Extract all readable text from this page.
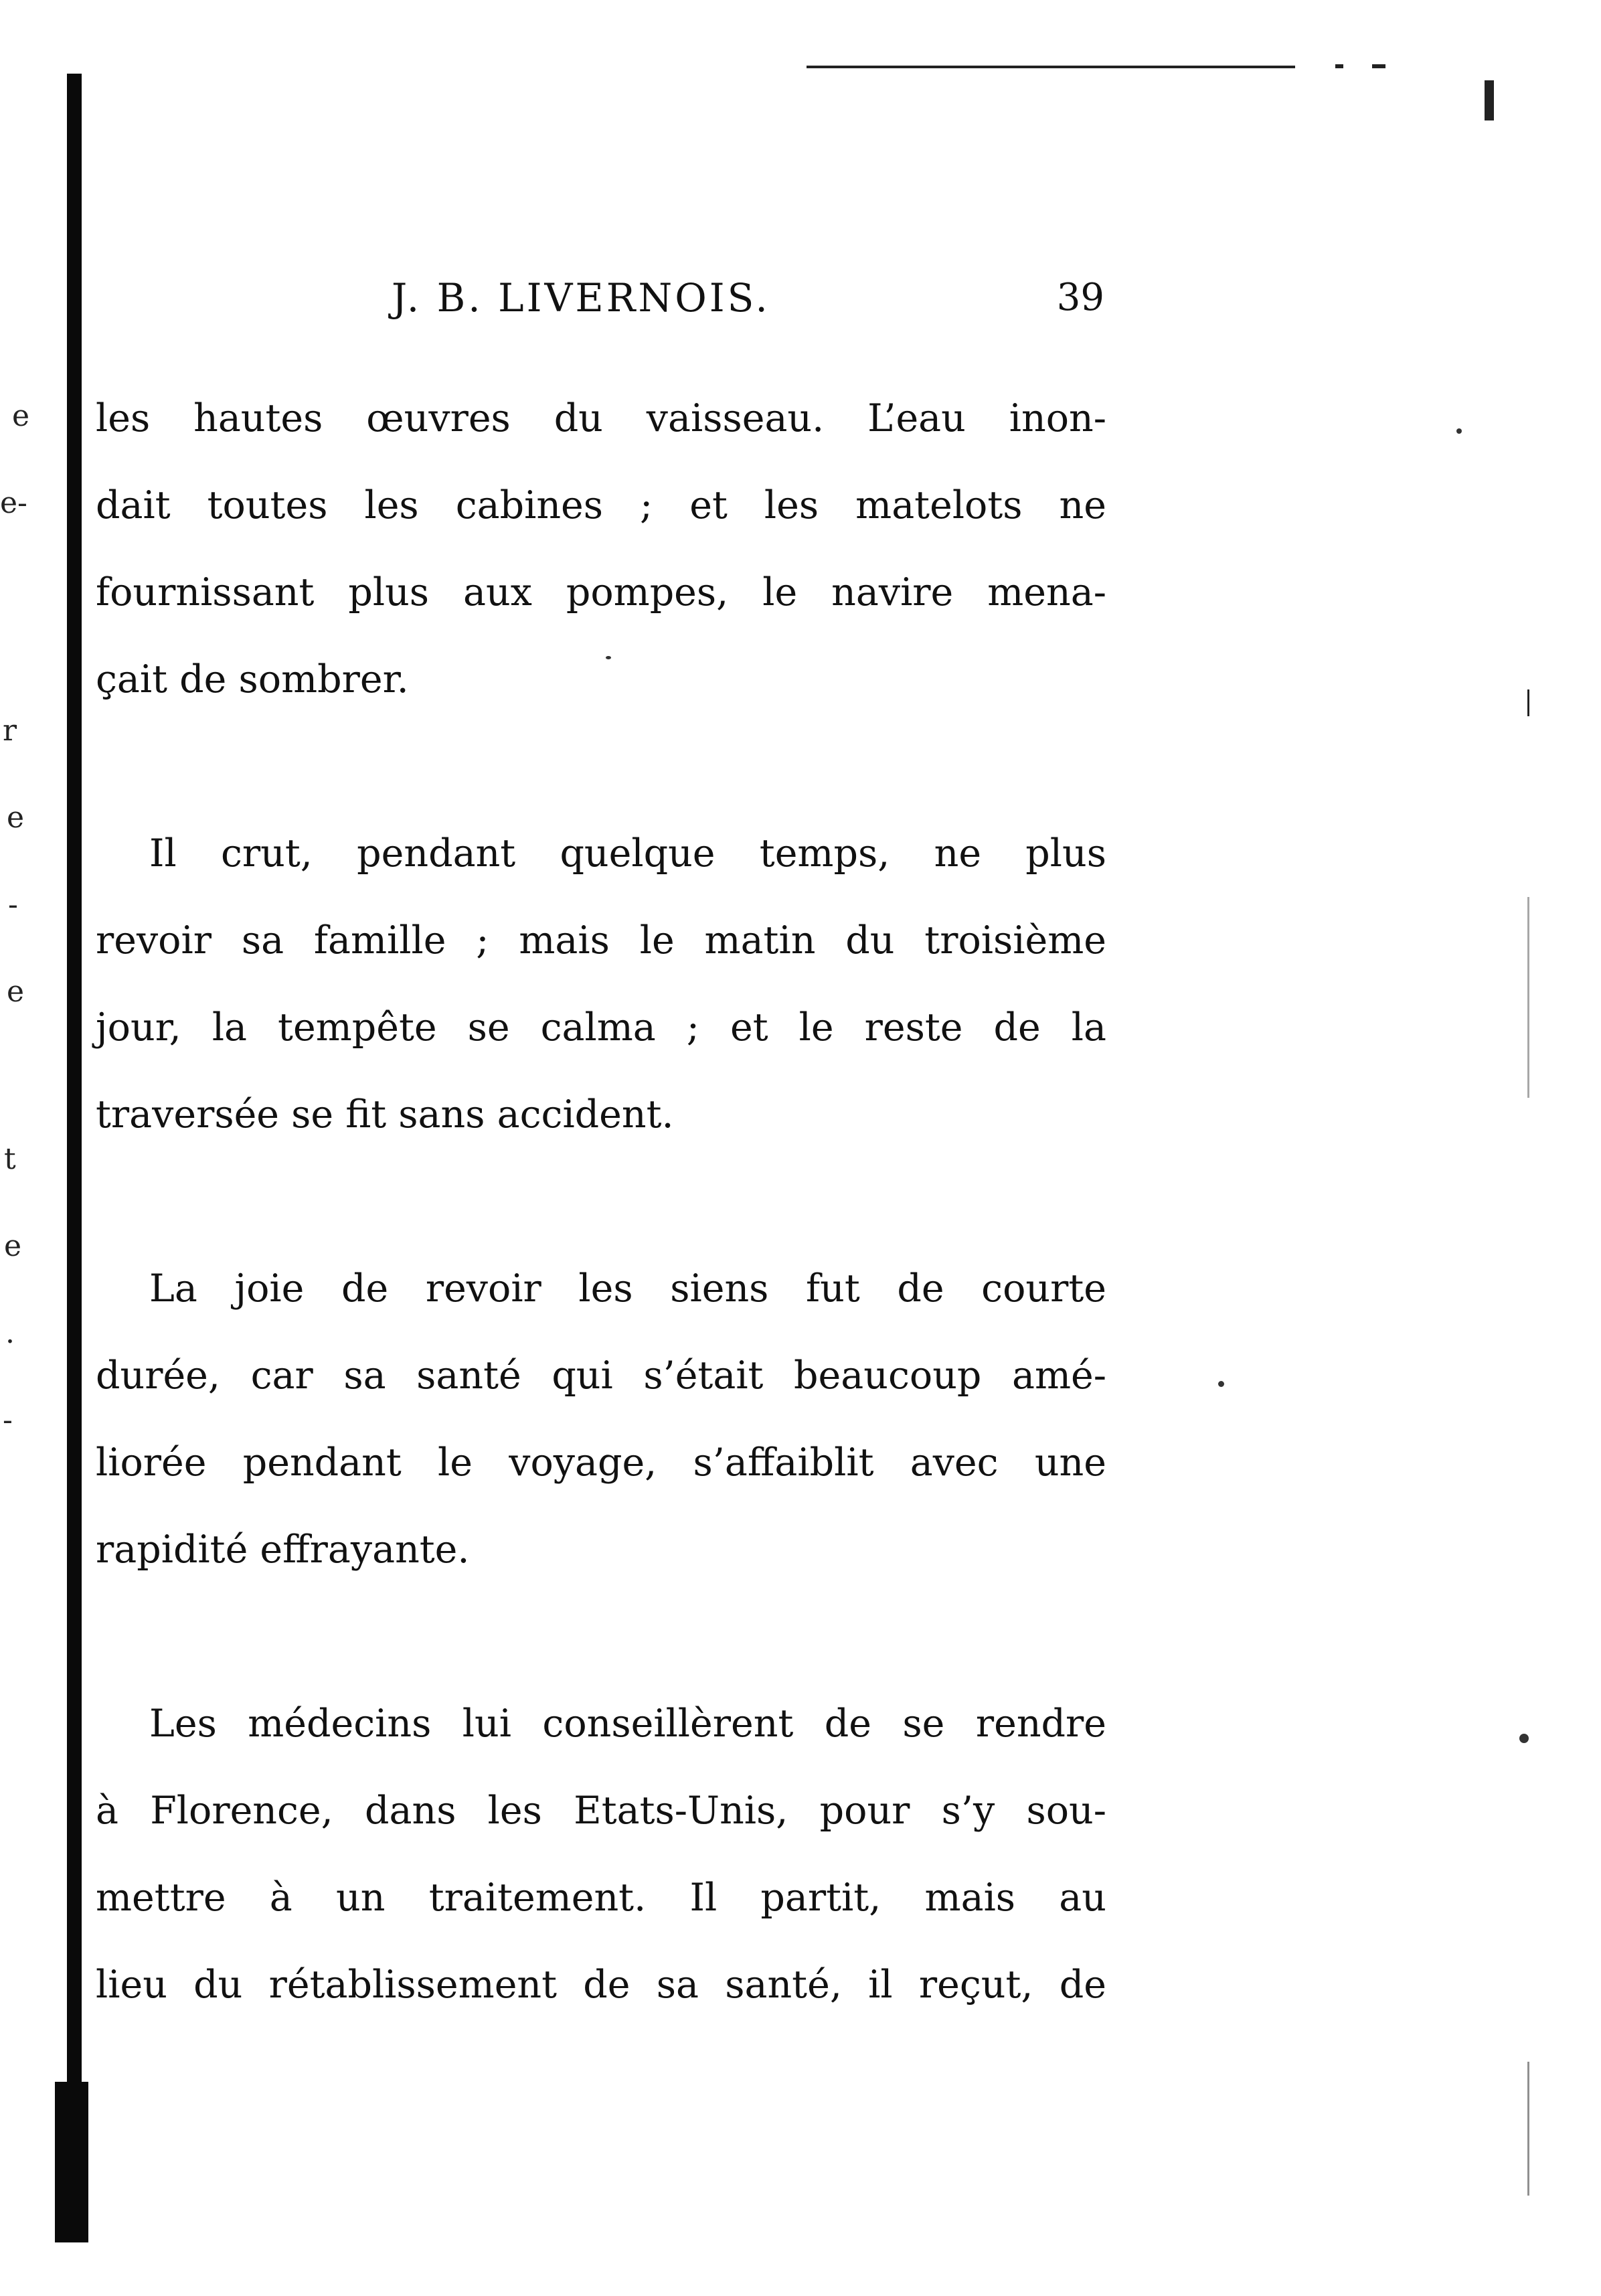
e
e-
r
e
-
e
t
e
.
-
J. B. LIVERNOIS.	39

les hautes œuvres du vaisseau. L’eau inon-
dait toutes les cabines ; et les matelots ne
fournissant plus aux pompes, le navire mena-
çait de sombrer.

Il crut, pendant quelque temps, ne plus
revoir sa famille ; mais le matin du troisième
jour, la tempête se calma ; et le reste de la
traversée se fit sans accident.

La joie de revoir les siens fut de courte
durée, car sa santé qui s’était beaucoup amé-
liorée pendant le voyage, s’affaiblit avec une
rapidité effrayante.

Les médecins lui conseillèrent de se rendre
à Florence, dans les Etats-Unis, pour s’y sou-
mettre à un traitement. Il partit, mais au
lieu du rétablissement de sa santé, il reçut, de
